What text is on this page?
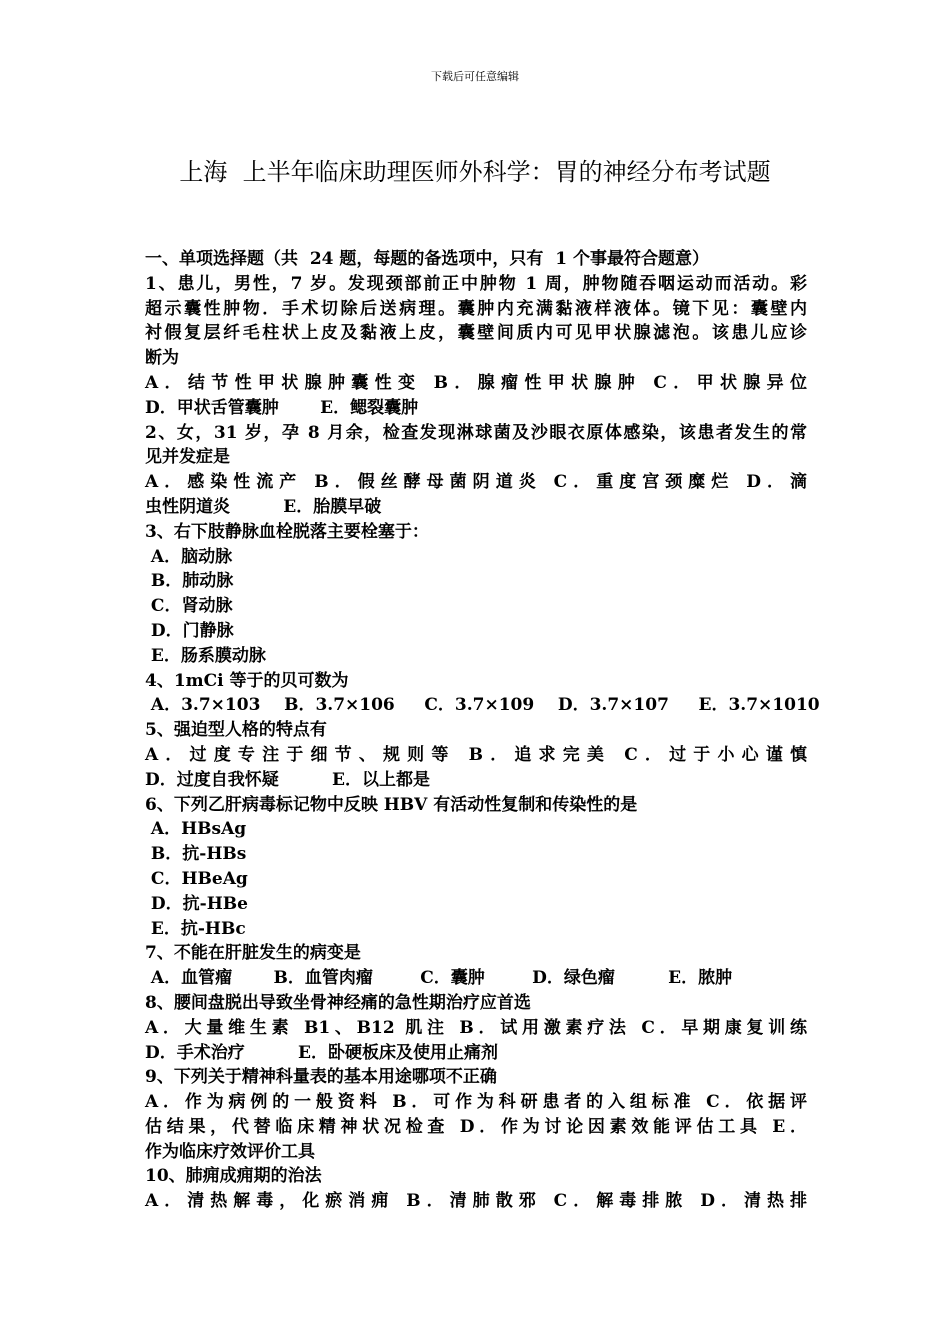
下载后可任意编辑
上海  上半年临床助理医师外科学：胃的神经分布考试题
一、单项选择题（共  24 题，每题的备选项中，只有  1 个事最符合题意）
1、患儿，男性，7 岁。发现颈部前正中肿物 1 周，肿物随吞咽运动而活动。彩
超示囊性肿物．手术切除后送病理。囊肿内充满黏液样液体。镜下见：囊壁内
衬假复层纤毛柱状上皮及黏液上皮，囊壁间质内可见甲状腺滤泡。该患儿应诊
断为
A．结节性甲状腺肿囊性变 B．腺瘤性甲状腺肿 C．甲状腺异位
D．甲状舌管囊肿       E．鳃裂囊肿
2、女，31 岁，孕 8 月余，检查发现淋球菌及沙眼衣原体感染，该患者发生的常
见并发症是
A．感染性流产 B．假丝酵母菌阴道炎 C．重度宫颈糜烂 D．滴
虫性阴道炎         E．胎膜早破
3、右下肢静脉血栓脱落主要栓塞于：
A．脑动脉
B．肺动脉
C．肾动脉
D．门静脉
E．肠系膜动脉
4、1mCi 等于的贝可数为
A．3.7×103    B．3.7×106     C．3.7×109    D．3.7×107     E．3.7×1010
5、强迫型人格的特点有
A．过度专注于细节、规则等 B．追求完美 C．过于小心谨慎
D．过度自我怀疑         E．以上都是
6、下列乙肝病毒标记物中反映 HBV 有活动性复制和传染性的是
A．HBsAg
B．抗-HBs
C．HBeAg
D．抗-HBe
E．抗-HBc
7、不能在肝脏发生的病变是
A．血管瘤       B．血管肉瘤        C．囊肿        D．绿色瘤         E．脓肿
8、腰间盘脱出导致坐骨神经痛的急性期治疗应首选
A．大量维生素 B1、B12 肌注 B．试用激素疗法 C．早期康复训练
D．手术治疗         E．卧硬板床及使用止痛剂
9、下列关于精神科量表的基本用途哪项不正确
A．作为病例的一般资料 B．可作为科研患者的入组标准 C．依据评
估结果，代替临床精神状况检查 D．作为讨论因素效能评估工具 E．
作为临床疗效评价工具
10、肺痈成痈期的治法
A．清热解毒，化瘀消痈 B．清肺散邪 C．解毒排脓 D．清热排
